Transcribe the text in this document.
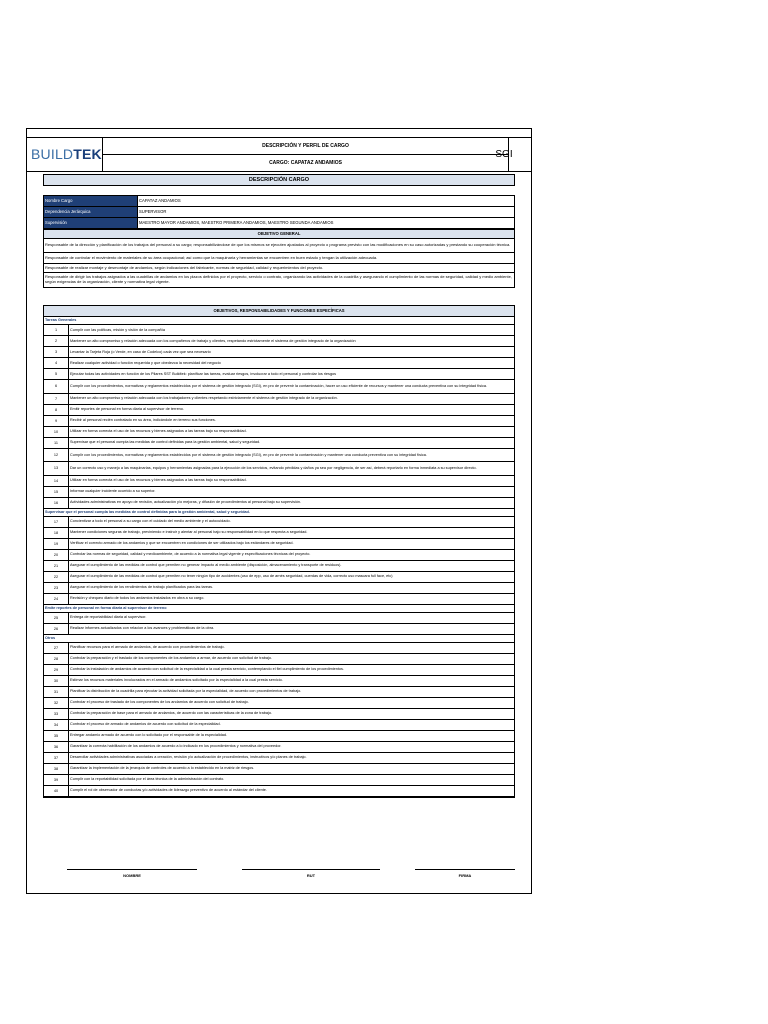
BUILDTEK	DESCRIPCIÓN Y PERFIL DE CARGO
CARGO: CAPATAZ ANDAMIOS
SGI
DESCRIPCIÓN CARGO
Nombre Cargo	CAPATAZ ANDAMIOS
Dependencia Jerárquica	SUPERVISOR
Supervisión	MAESTRO MAYOR ANDAMIOS, MAESTRO PRIMERA ANDAMIOS, MAESTRO SEGUNDA ANDAMIOS
OBJETIVO GENERAL
Responsable de la dirección y planificación de los trabajos del personal a su cargo; responsabilizándose de que los mismos se ejecuten ajustados al proyecto o programa previsto con las modificaciones en su caso autorizadas y prestando su cooperación técnica.
Responsable de controlar el movimiento de materiales de su área ocupacional; así como que la maquinaria y herramientas se encuentren en buen estado y tengan la utilización adecuada.
Responsable de realizar montaje y desmontaje de andamios, según indicaciones del fabricante, normas de seguridad, calidad y requerimientos del proyecto.
Responsable de dirigir los trabajos asignados a las cuadrillas de andamios en los plazos definidos por el proyecto, servicio o contrato, organizando las actividades de la cuadrilla y asegurando el cumplimiento de las normas de seguridad, calidad y medio ambiente, según exigencias de la organización, cliente y normativa legal vigente.
OBJETIVOS, RESPONSABILIDADES Y FUNCIONES ESPECÍFICAS
Tareas Generales
1	Cumplir con las políticas, misión y visión de la compañía
2	Mantener un alto compromiso y relación adecuada con los compañeros de trabajo y clientes, respetando estrictamente el sistema de gestión integrado de la organización
3	Levantar la Tarjeta Roja (o Verde, en caso de Codelco) cada vez que sea necesario
4	Realizar cualquier actividad o función requerida y que obedezca la necesidad del negocio
5	Ejecutar todas las actividades en función de los Pilares SST Buildtek: planificar las tareas, evaluar riesgos, involucrar a todo el personal y controlar los riesgos
6	Cumplir con los procedimientos, normativas y reglamentos establecidos por el sistema de gestión integrado (SGI), en pro de prevenir la contaminación, hacer un uso eficiente de recursos y mantener una conducta preventiva con su integridad física.
7	Mantener un alto compromiso y relación adecuada con los trabajadores y clientes respetando estrictamente el sistema de gestión integrado de la organización.
8	Emitir reportes de personal en forma diaria al supervisor de terreno.
9	Recibir al personal recién contratado en su área, indicándole en terreno sus funciones.
10	Utilizar en forma correcta el uso de los recursos y bienes asignados a las tareas bajo su responsabilidad.
11	Supervisar que el personal cumpla las medidas de control definidas para la gestión ambiental, salud y seguridad.
12	Cumplir con los procedimientos, normativas y reglamentos establecidos por el sistema de gestión integrado (SGI), en pro de prevenir la contaminación y mantener una conducta preventiva con su integridad física.
13	Dar un correcto uso y manejo a las maquinarias, equipos y herramientas asignadas para la ejecución de los servicios, evitando pérdidas y daños ya sea por negligencia, de ser así, deberá reportarlo en forma inmediata a su supervisor directo.
14	Utilizar en forma correcta el uso de los recursos y bienes asignados a las tareas bajo su responsabilidad.
15	Informar cualquier incidente ocurrido a su superior.
16	Actividades administrativas en apoyo de revisión, actualización y/o mejoras, y difusión de procedimientos al personal bajo su supervisión.
Supervisar que el personal cumpla las medidas de control definidas para la gestión ambiental, salud y seguridad.
17	Concientizar a todo el personal a su cargo con el cuidado del medio ambiente y el autocuidado.
18	Mantener condiciones seguras de trabajo, previniendo e instruir y alentar al personal bajo su responsabilidad en lo que respecta a seguridad.
19	Verificar el correcto armado de los andamios y que se encuentren en condiciones de ser utilizados bajo los estándares de seguridad.
20	Controlar las normas de seguridad, calidad y medioambiente, de acuerdo a la normativa legal vigente y especificaciones técnicas del proyecto.
21	Asegurar el cumplimiento de las medidas de control que permiten no generar impacto al medio ambiente (disposición, almacenamiento y transporte de residuos).
22	Asegurar el cumplimiento de las medidas de control que permiten no tener ningún tipo de accidentes (uso de epp, uso de arnés seguridad, cuerdas de vida, correcto uso mascara full face, etc)
23	Asegurar el cumplimiento de los rendimientos de trabajo planificados para las tareas.
24	Revisión y chequeo diario de todos los andamios instalados en obra a su cargo.
Emite reportes de personal en forma diaria al supervisor de terreno
25	Entrega de reportabilidad diaria al supervisor.
26	Realizar informes actualizados con relacion a los avances y problemáticas de la obra.
Otros
27	Planificar recursos para el armado de andamios, de acuerdo con procedimientos de trabajo.
28	Controlar la preparación y el traslado de los componentes de los andamios a armar, de acuerdo con solicitud de trabajo.
29	Controlar la instalación de andamios de acuerdo con solicitud de la especialidad a la cual presta servicio, contemplando el fiel cumplimiento de los procedimientos.
30	Estimar los recursos materiales involucrados en el armado de andamios solicitado por la especialidad a la cual presta servicio.
31	Planificar la distribución de la cuadrilla para ejecutar la actividad solicitada por la especialidad, de acuerdo con procedimientos de trabajo.
32	Controlar el proceso de traslado de los componentes de los andamios de acuerdo con solicitud de trabajo.
33	Controlar la preparación de base para el armado de andamios, de acuerdo con las características de la zona de trabajo.
34	Controlar el proceso de armado de andamios de acuerdo con solicitud de la especialidad.
35	Entregar andamio armado de acuerdo con lo solicitado por el responsable de la especialidad.
36	Garantizar la correcta habilitación de los andamios de acuerdo a lo indicado en los procedimientos y normativa del proveedor.
37	Desarrollar actividades administrativas asociadas a creación, revisión y/o actualización de procedimientos, instructivos y/o planes de trabajo.
38	Garantizar la implementación de la jerarquía de controles de acuerdo a lo establecido en la matriz de riesgos.
39	Cumplir con la reportabilidad solicitada por el área técnica de la administración del contrato.
40	Cumplir el rol de observador de conductas y/o actividades de liderazgo preventivo de acuerdo al estándar del cliente.
NOMBRE	RUT	FIRMA
